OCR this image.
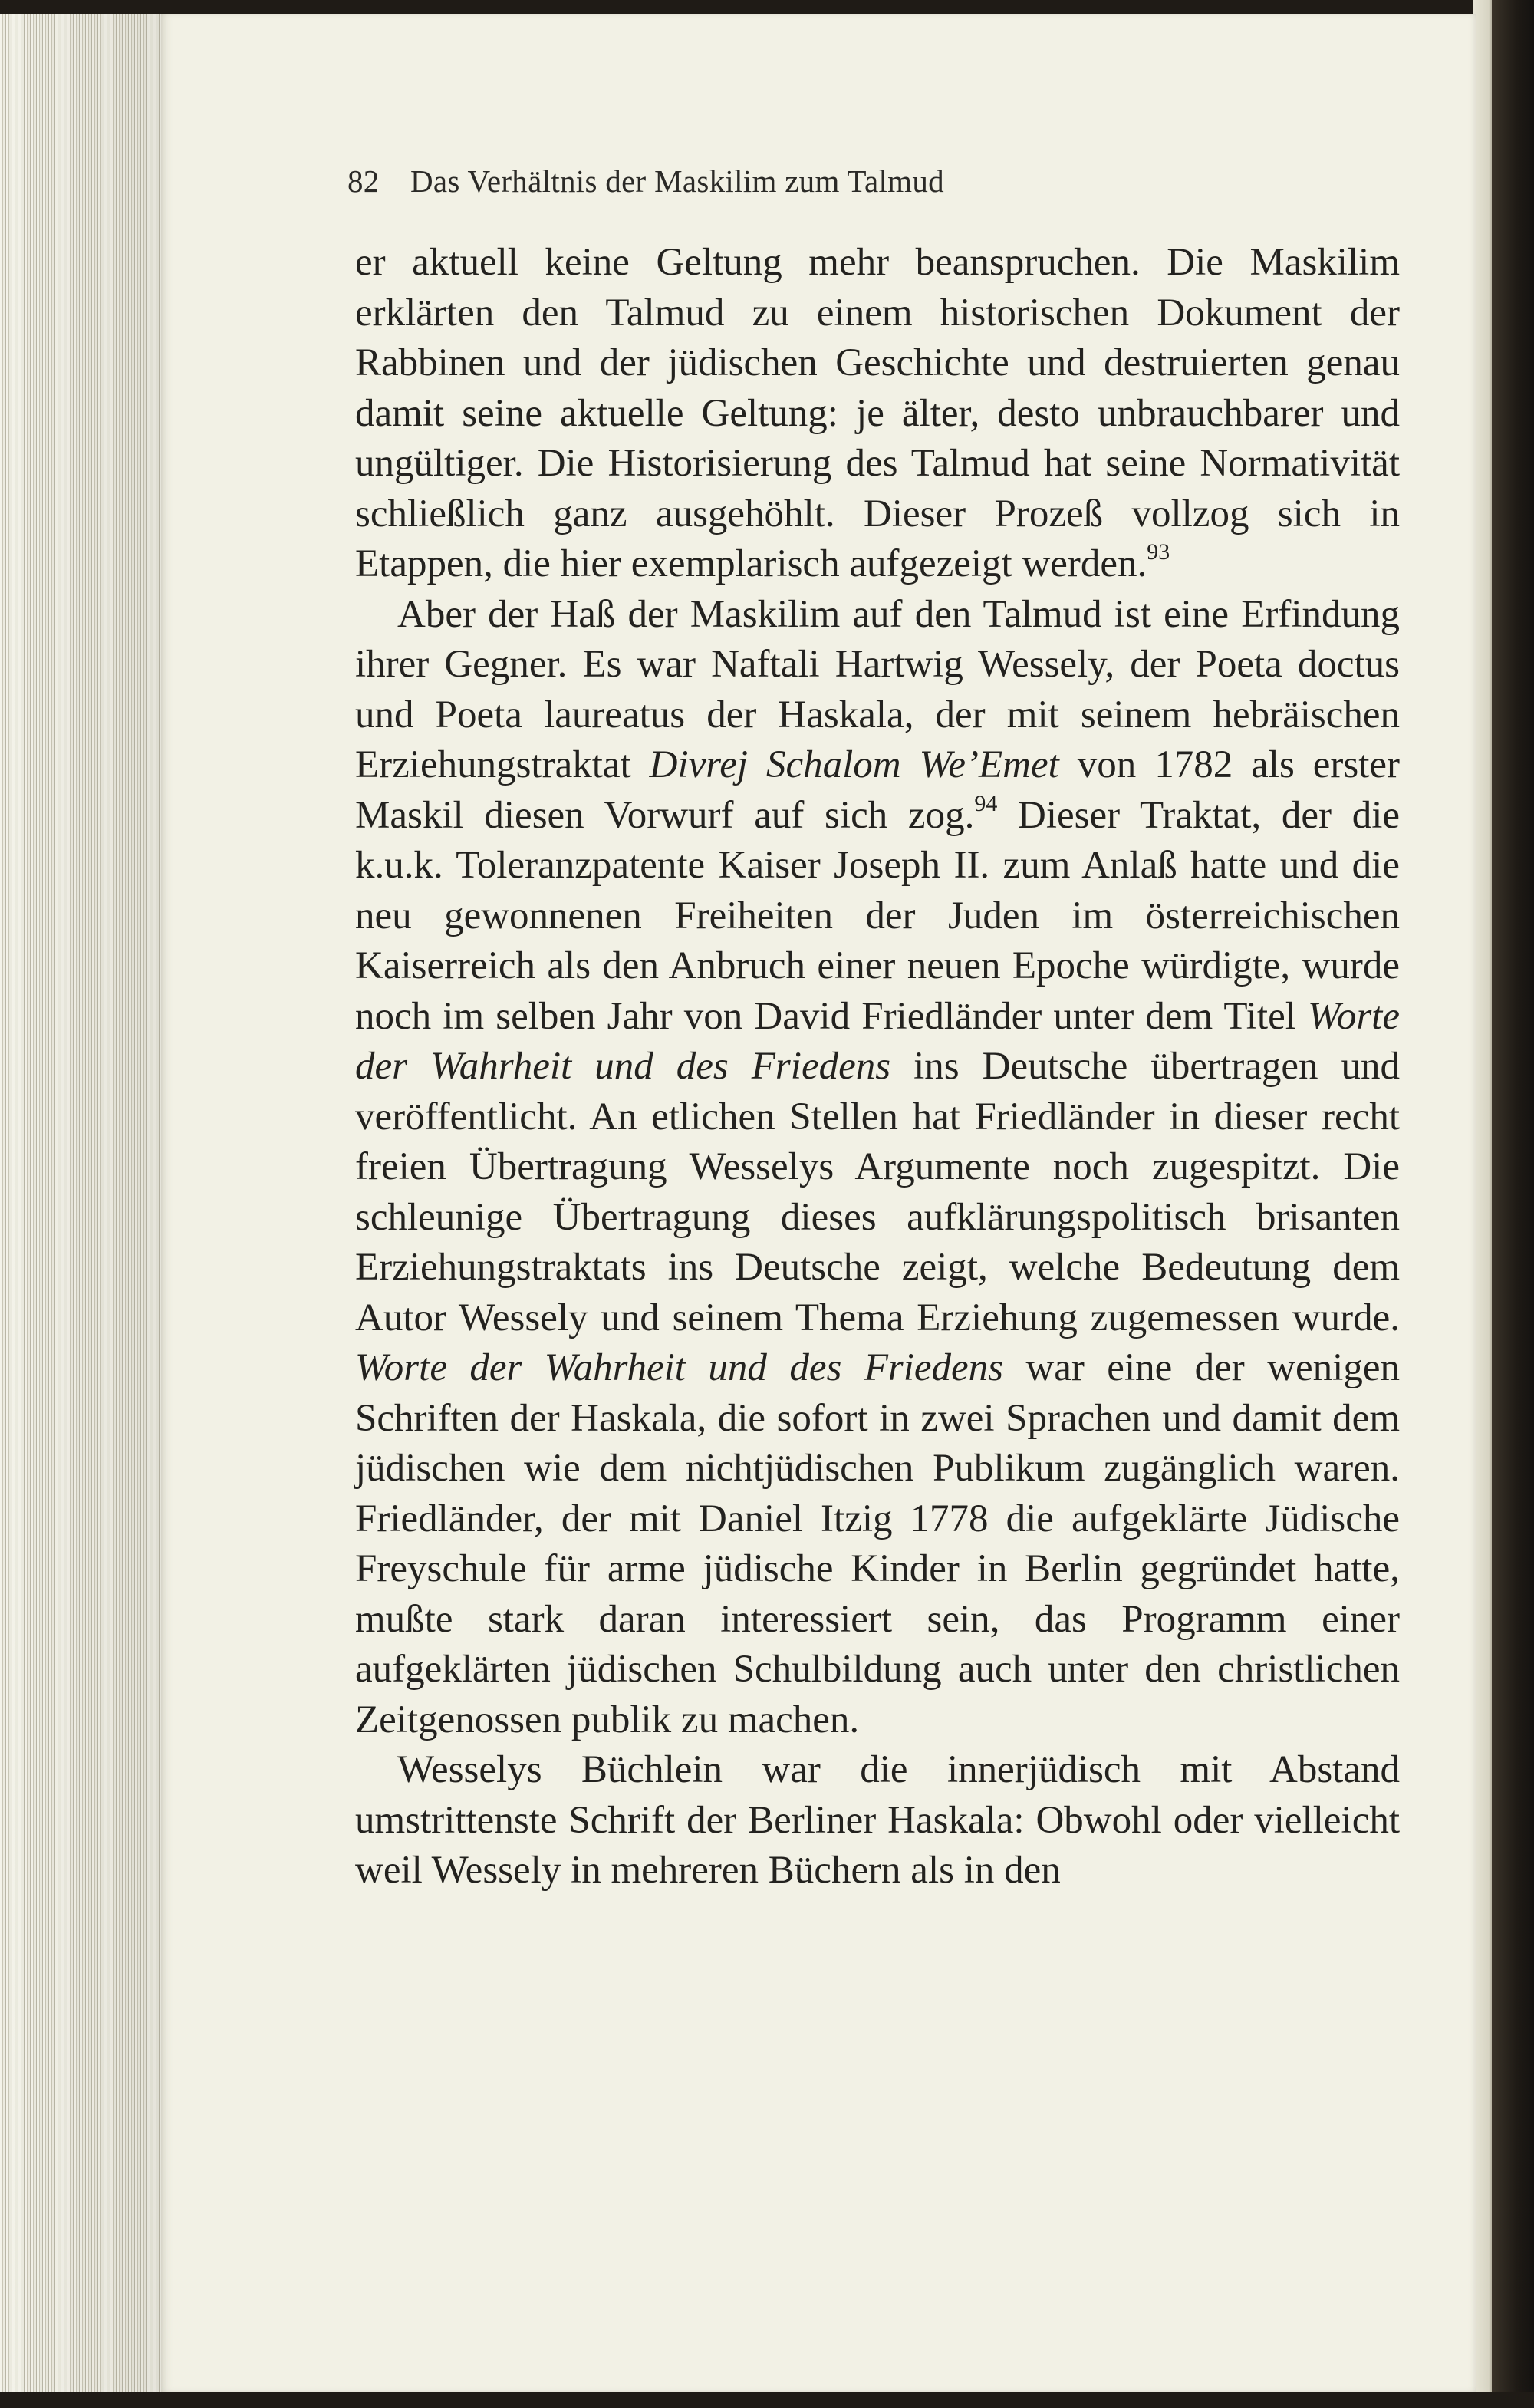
82 Das Verhältnis der Maskilim zum Talmud

er aktuell keine Geltung mehr beanspruchen. Die Maskilim erklärten den Talmud zu einem historischen Dokument der Rabbinen und der jüdischen Geschichte und destruierten genau damit seine aktuelle Geltung: je älter, desto unbrauchbarer und ungültiger. Die Historisierung des Talmud hat seine Normativität schließlich ganz ausgehöhlt. Dieser Prozeß vollzog sich in Etappen, die hier exemplarisch aufgezeigt werden.$^{93}$

Aber der Haß der Maskilim auf den Talmud ist eine Erfindung ihrer Gegner. Es war Naftali Hartwig Wessely, der Poeta doctus und Poeta laureatus der Haskala, der mit seinem hebräischen Erziehungstraktat Divrej Schalom We’Emet von 1782 als erster Maskil diesen Vorwurf auf sich zog.$^{94}$ Dieser Traktat, der die k.u.k. Toleranzpatente Kaiser Joseph II. zum Anlaß hatte und die neu gewonnenen Freiheiten der Juden im österreichischen Kaiserreich als den Anbruch einer neuen Epoche würdigte, wurde noch im selben Jahr von David Friedländer unter dem Titel Worte der Wahrheit und des Friedens ins Deutsche übertragen und veröffentlicht. An etlichen Stellen hat Friedländer in dieser recht freien Übertragung Wesselys Argumente noch zugespitzt. Die schleunige Übertragung dieses aufklärungspolitisch brisanten Erziehungstraktats ins Deutsche zeigt, welche Bedeutung dem Autor Wessely und seinem Thema Erziehung zugemessen wurde. Worte der Wahrheit und des Friedens war eine der wenigen Schriften der Haskala, die sofort in zwei Sprachen und damit dem jüdischen wie dem nichtjüdischen Publikum zugänglich waren. Friedländer, der mit Daniel Itzig 1778 die aufgeklärte Jüdische Freyschule für arme jüdische Kinder in Berlin gegründet hatte, mußte stark daran interessiert sein, das Programm einer aufgeklärten jüdischen Schulbildung auch unter den christlichen Zeitgenossen publik zu machen.

Wesselys Büchlein war die innerjüdisch mit Abstand umstrittenste Schrift der Berliner Haskala: Obwohl oder vielleicht weil Wessely in mehreren Büchern als in den
